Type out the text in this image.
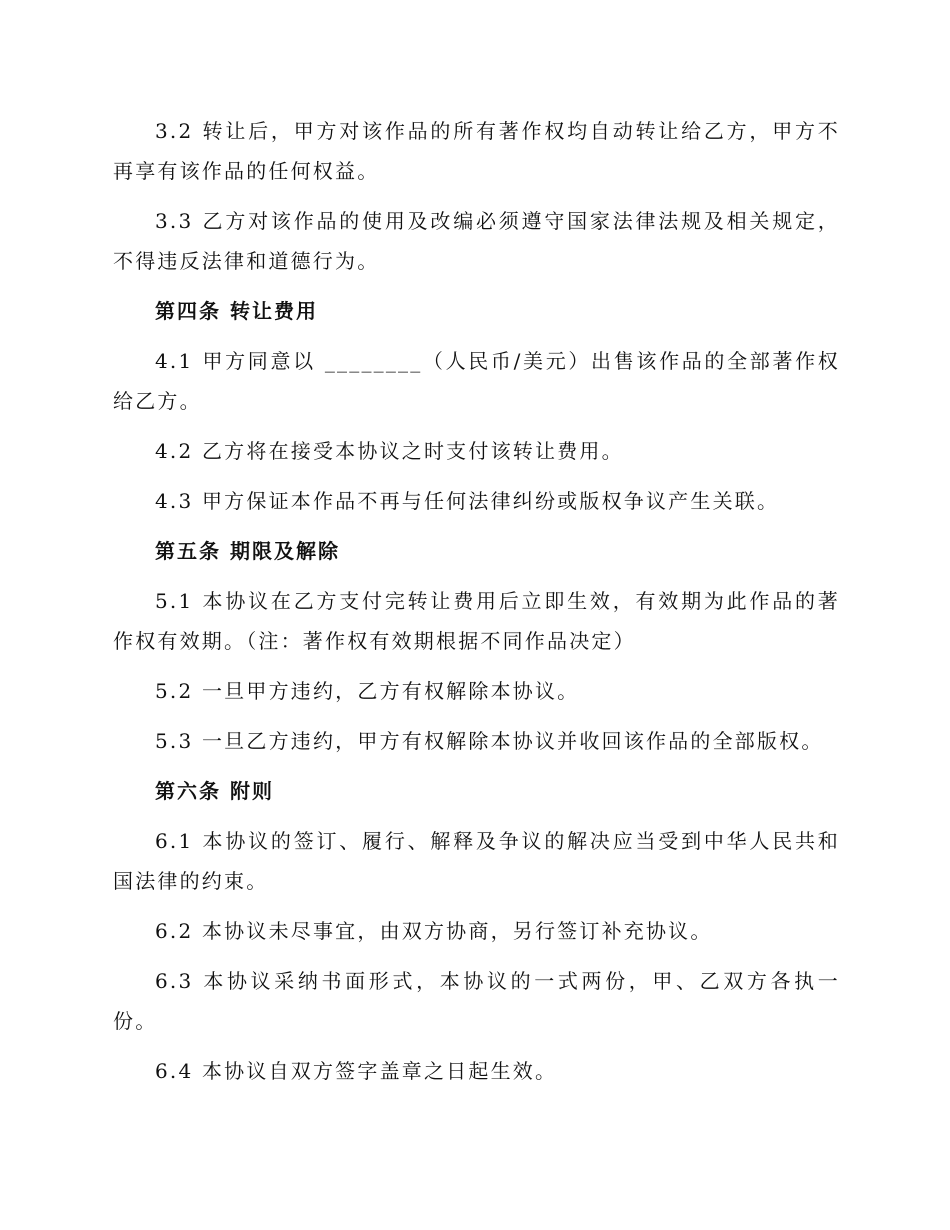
3.2 转让后，甲方对该作品的所有著作权均自动转让给乙方，甲方不再享有该作品的任何权益。

3.3 乙方对该作品的使用及改编必须遵守国家法律法规及相关规定，不得违反法律和道德行为。

第四条 转让费用

4.1 甲方同意以 ________（人民币/美元）出售该作品的全部著作权给乙方。

4.2 乙方将在接受本协议之时支付该转让费用。

4.3 甲方保证本作品不再与任何法律纠纷或版权争议产生关联。

第五条 期限及解除

5.1 本协议在乙方支付完转让费用后立即生效，有效期为此作品的著作权有效期。（注：著作权有效期根据不同作品决定）

5.2 一旦甲方违约，乙方有权解除本协议。

5.3 一旦乙方违约，甲方有权解除本协议并收回该作品的全部版权。

第六条 附则

6.1 本协议的签订、履行、解释及争议的解决应当受到中华人民共和国法律的约束。

6.2 本协议未尽事宜，由双方协商，另行签订补充协议。

6.3 本协议采纳书面形式，本协议的一式两份，甲、乙双方各执一份。

6.4 本协议自双方签字盖章之日起生效。
